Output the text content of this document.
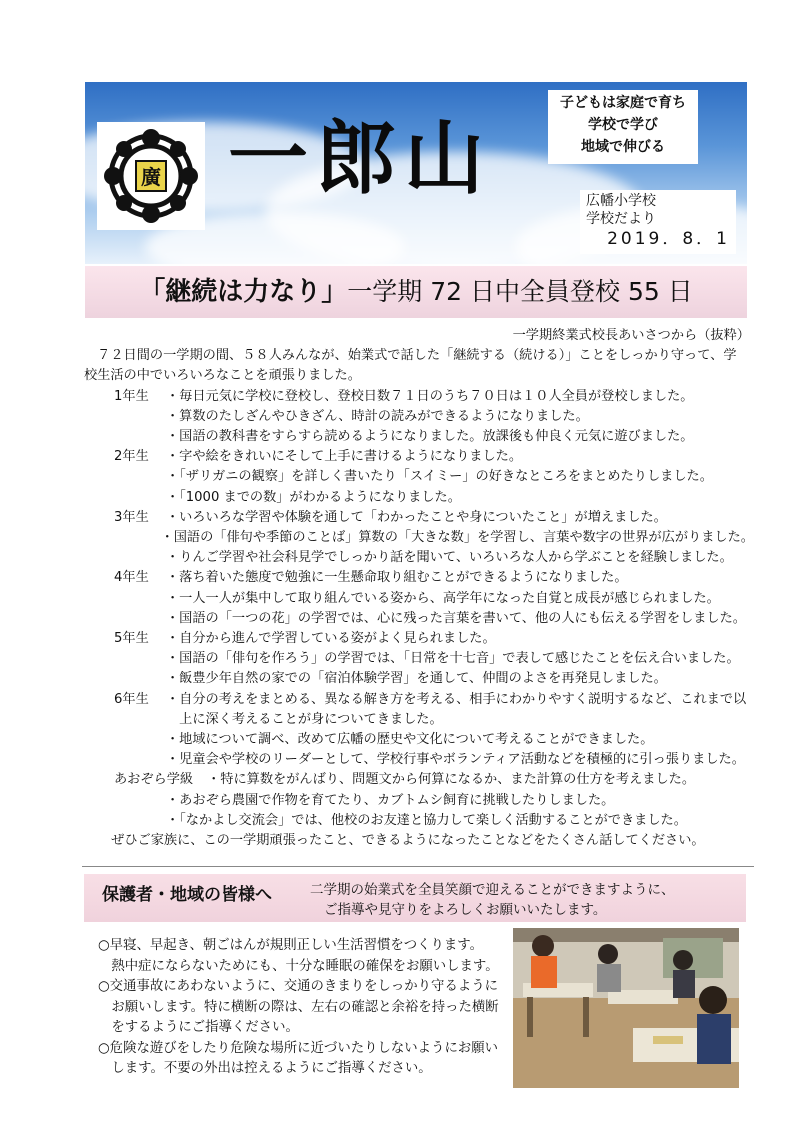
廣 一郎山
子どもは家庭で育ち
学校で学び
地域で伸びる
広幡小学校
学校だより
2019．8．1
「継続は力なり」一学期 72 日中全員登校 55 日
一学期終業式校長あいさつから（抜粋）
　７２日間の一学期の間、５８人みんなが、始業式で話した「継続する（続ける）」ことをしっかり守って、学
校生活の中でいろいろなことを頑張りました。
1年生	・毎日元気に学校に登校し、登校日数７１日のうち７０日は１０人全員が登校しました。
・算数のたしざんやひきざん、時計の読みができるようになりました。
・国語の教科書をすらすら読めるようになりました。放課後も仲良く元気に遊びました。
2年生	・字や絵をきれいにそして上手に書けるようになりました。
・「ザリガニの観察」を詳しく書いたり「スイミー」の好きなところをまとめたりしました。
・「1000 までの数」がわかるようになりました。
3年生	・いろいろな学習や体験を通して「わかったことや身についたこと」が増えました。
・国語の「俳句や季節のことば」算数の「大きな数」を学習し、言葉や数字の世界が広がりました。
・りんご学習や社会科見学でしっかり話を聞いて、いろいろな人から学ぶことを経験しました。
4年生	・落ち着いた態度で勉強に一生懸命取り組むことができるようになりました。
・一人一人が集中して取り組んでいる姿から、高学年になった自覚と成長が感じられました。
・国語の「一つの花」の学習では、心に残った言葉を書いて、他の人にも伝える学習をしました。
5年生	・自分から進んで学習している姿がよく見られました。
・国語の「俳句を作ろう」の学習では、「日常を十七音」で表して感じたことを伝え合いました。
・飯豊少年自然の家での「宿泊体験学習」を通して、仲間のよさを再発見しました。
6年生	・自分の考えをまとめる、異なる解き方を考える、相手にわかりやすく説明するなど、これまで以
　上に深く考えることが身についてきました。
・地域について調べ、改めて広幡の歴史や文化について考えることができました。
・児童会や学校のリーダーとして、学校行事やボランティア活動などを積極的に引っ張りました。
あおぞら学級	・特に算数をがんばり、問題文から何算になるか、また計算の仕方を考えました。
・あおぞら農園で作物を育てたり、カブトムシ飼育に挑戦したりしました。
・「なかよし交流会」では、他校のお友達と協力して楽しく活動することができました。
　ぜひご家族に、この一学期頑張ったこと、できるようになったことなどをたくさん話してください。
保護者・地域の皆様へ	二学期の始業式を全員笑顔で迎えることができますように、
ご指導や見守りをよろしくお願いいたします。
○早寝、早起き、朝ごはんが規則正しい生活習慣をつくります。
　熱中症にならないためにも、十分な睡眠の確保をお願いします。
○交通事故にあわないように、交通のきまりをしっかり守るように
　お願いします。特に横断の際は、左右の確認と余裕を持った横断
　をするようにご指導ください。
○危険な遊びをしたり危険な場所に近づいたりしないようにお願い
　します。不要の外出は控えるようにご指導ください。
